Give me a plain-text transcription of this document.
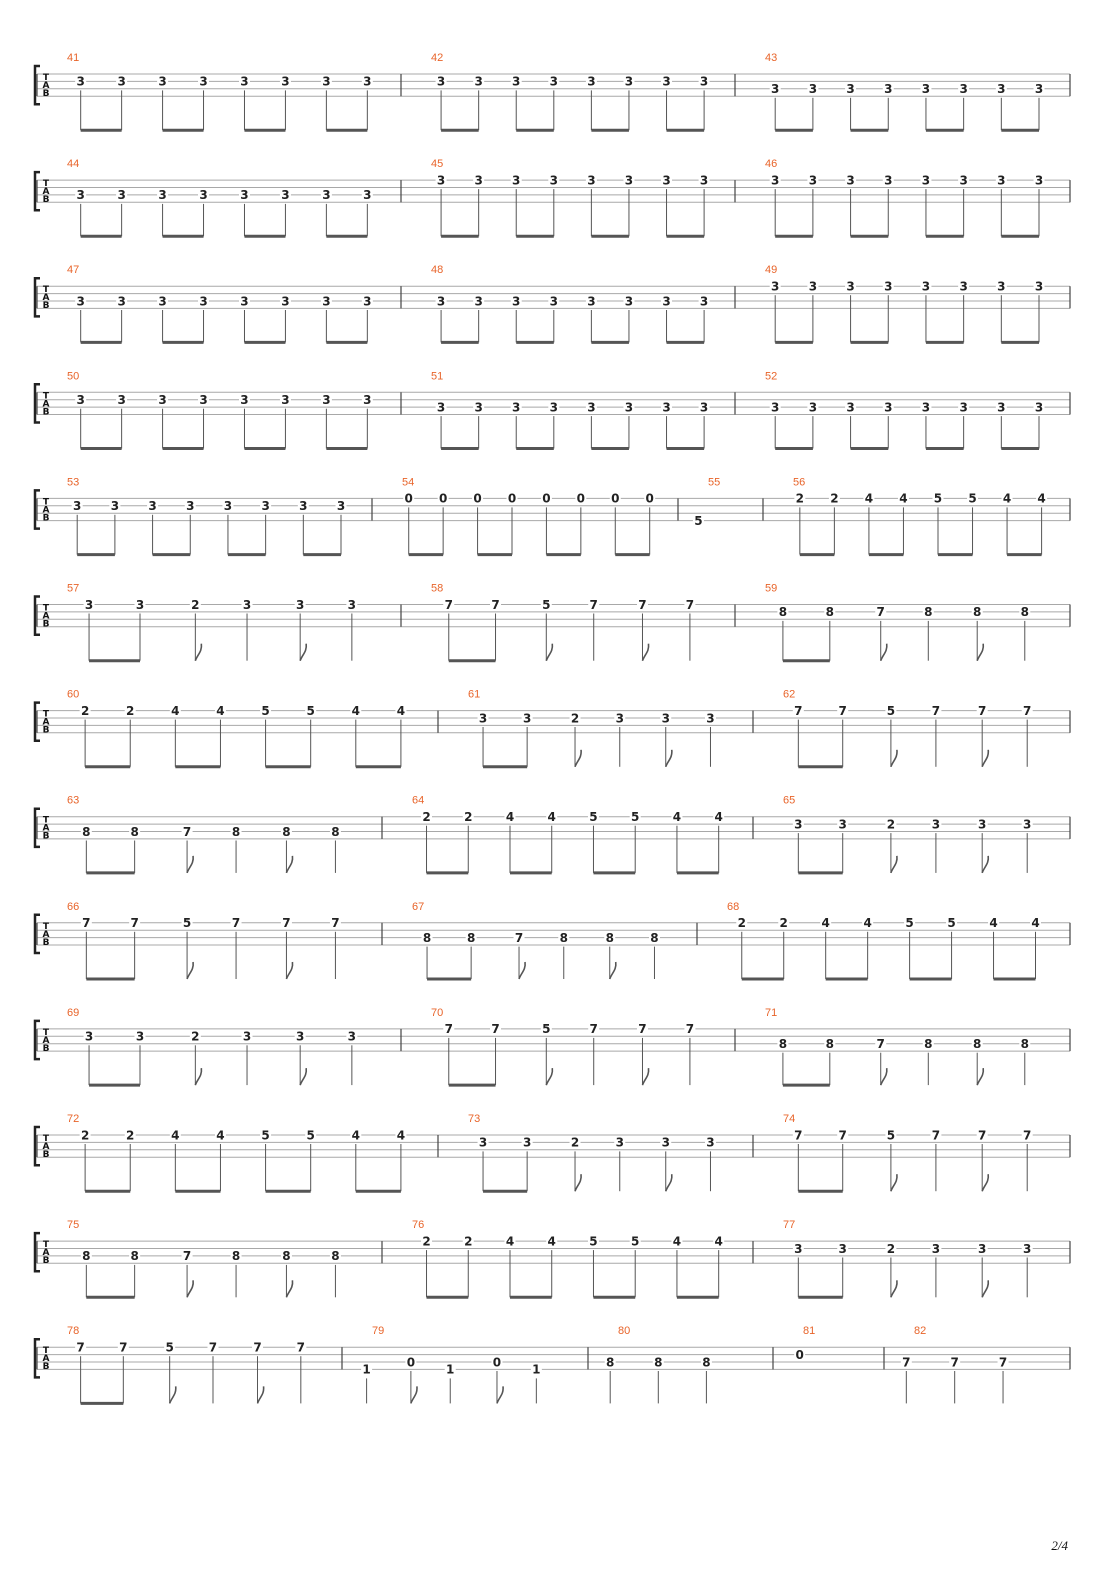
T
A
B
41
3	3	3	3	3	3	3	3
42
3 3 3 3 3 3 3 3
43
3 3 3 3 3 3 3 3
T
A
B
44
3	3	3	3	3	3	3	3
45
3 3 3 3 3 3 3 3
46
3 3 3 3 3 3 3 3
T
A
B
47
3	3	3	3	3	3	3	3
48
3 3 3 3 3 3 3 3
49
3 3 3 3 3 3 3 3
T
A
B
50
3	3	3	3	3	3	3	3
51
3 3 3 3 3 3 3 3
52
3 3 3 3 3 3 3 3
T
A
B
53
3 3 3 3 3 3 3 3
54
0 0 0 0 0 0 0 0
55
5
56
2 2 4 4 5 5 4 4
T
A
B
57
3	3	2	3	3	3
58
7	7	5	7	7	7
59
8	8	7	8	8	8
T
A
B
60
2	2	4	4	5	5	4	4
61
3	3	2	3	3	3
62
7	7	5	7	7	7
T
A
B
63
8	8	7	8	8	8
64
2	2	4	4	5	5	4	4
65
3	3	2	3	3	3
T
A
B
66
7	7	5	7	7	7
67
8	8	7	8	8	8
68
2	2	4	4	5	5	4	4
T
A
B
69
3	3	2	3	3	3
70
7	7	5	7	7	7
71
8	8	7	8	8	8
T
A
B
72
2	2	4	4	5	5	4	4
73
3	3	2	3	3	3
74
7	7	5	7	7	7
T
A
B
75
8	8	7	8	8	8
76
2	2	4	4	5	5	4	4
77
3	3	2	3	3	3
T
A
B
78
7	7	5	7	7	7
79
1
0
1
0
1
80
8	8	8
81
0
82
7	7	7
2/4
